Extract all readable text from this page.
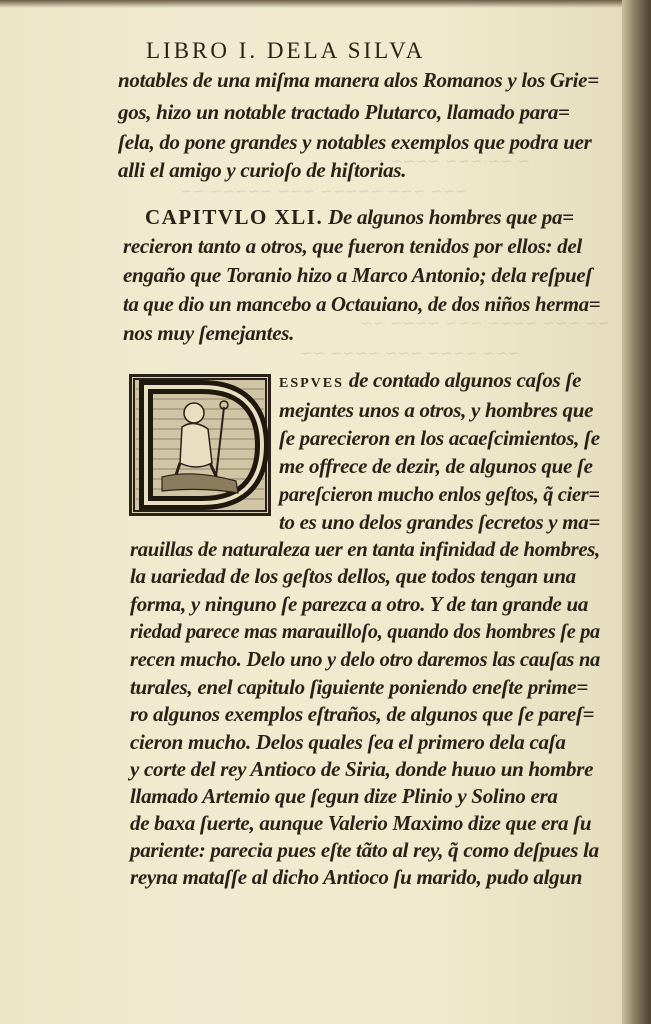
~ ~~ ~~~ ~~~~ ~~
~~~ ~~~ ~~~~~ ~~~ ~~~~~ ~~
~~ ~~~ ~~~~ ~~~ ~~~~ ~~
~~~ ~~~~ ~~~ ~~~~ ~~
LIBRO I. DELA SILVA
notables de una miſma manera alos Romanos y los Grie=
gos, hizo un notable tractado Plutarco, llamado para=
ſela, do pone grandes y notables exemplos que podra uer
alli el amigo y curioſo de hiſtorias.
CAPITVLO XLI. De algunos hombres que pa=
recieron tanto a otros, que fueron tenidos por ellos: del
engaño que Toranio hizo a Marco Antonio; dela reſpueſ
ta que dio un mancebo a Octauiano, de dos niños herma=
nos muy ſemejantes.
ESPVES de contado algunos caſos ſe
mejantes unos a otros, y hombres que
ſe parecieron en los acaeſcimientos, ſe
me offrece de dezir, de algunos que ſe
pareſcieron mucho enlos geſtos, q̃ cier=
to es uno delos grandes ſecretos y ma=
rauillas de naturaleza uer en tanta infinidad de hombres,
la uariedad de los geſtos dellos, que todos tengan una
forma, y ninguno ſe parezca a otro. Y de tan grande ua
riedad parece mas marauilloſo, quando dos hombres ſe pa
recen mucho. Delo uno y delo otro daremos las cauſas na
turales, enel capitulo ſiguiente poniendo eneſte prime=
ro algunos exemplos eſtraños, de algunos que ſe pareſ=
cieron mucho. Delos quales ſea el primero dela caſa
y corte del rey Antioco de Siria, donde huuo un hombre
llamado Artemio que ſegun dize Plinio y Solino era
de baxa ſuerte, aunque Valerio Maximo dize que era ſu
pariente: parecia pues eſte tãto al rey, q̃ como deſpues la
reyna mataſſe al dicho Antioco ſu marido, pudo algun
